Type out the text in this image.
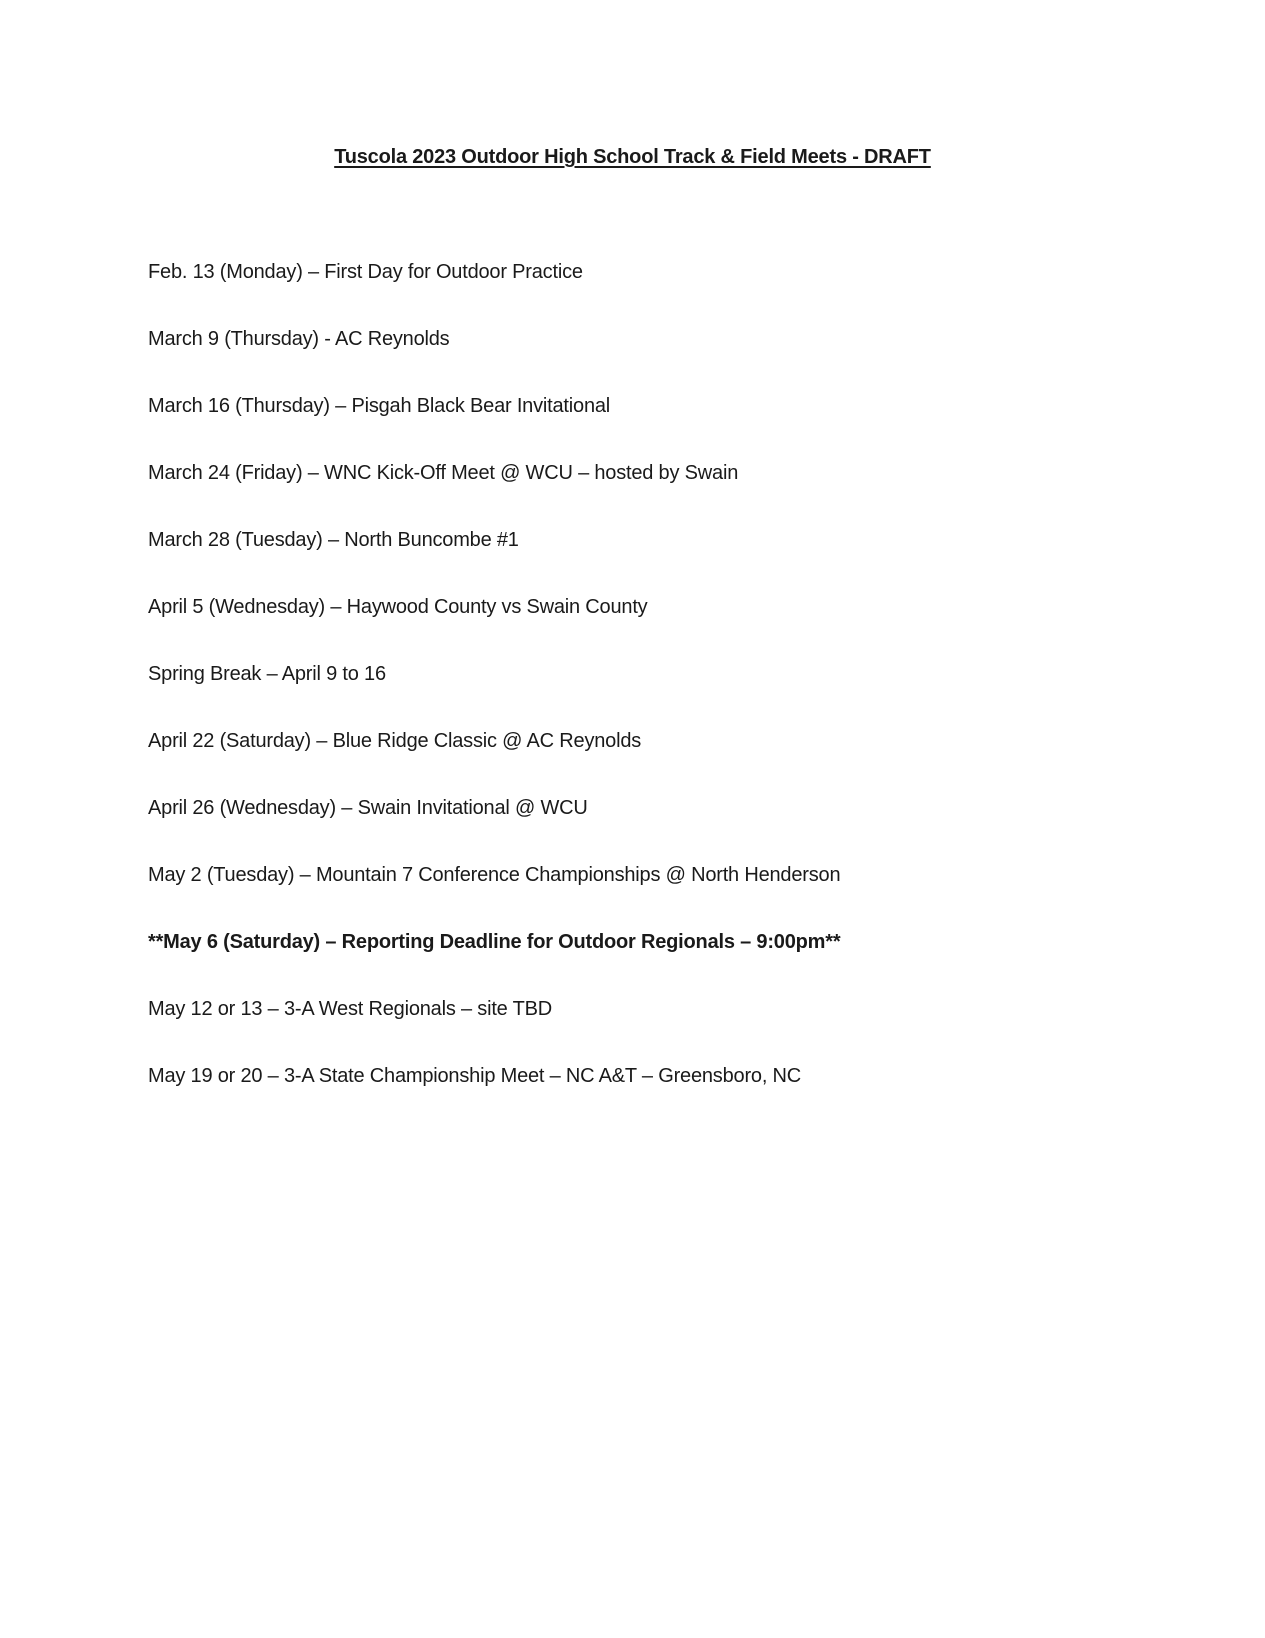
Tuscola 2023 Outdoor High School Track & Field Meets - DRAFT
Feb. 13 (Monday) – First Day for Outdoor Practice
March 9 (Thursday) - AC Reynolds
March 16 (Thursday) – Pisgah Black Bear Invitational
March 24 (Friday) – WNC Kick-Off Meet @ WCU – hosted by Swain
March 28 (Tuesday) – North Buncombe #1
April 5 (Wednesday) – Haywood County vs Swain County
Spring Break – April 9 to 16
April 22 (Saturday) – Blue Ridge Classic @ AC Reynolds
April 26 (Wednesday) – Swain Invitational @ WCU
May 2 (Tuesday) – Mountain 7 Conference Championships @ North Henderson
**May 6 (Saturday) – Reporting Deadline for Outdoor Regionals – 9:00pm**
May 12 or 13 – 3-A West Regionals – site TBD
May 19 or 20 – 3-A State Championship Meet – NC A&T – Greensboro, NC
